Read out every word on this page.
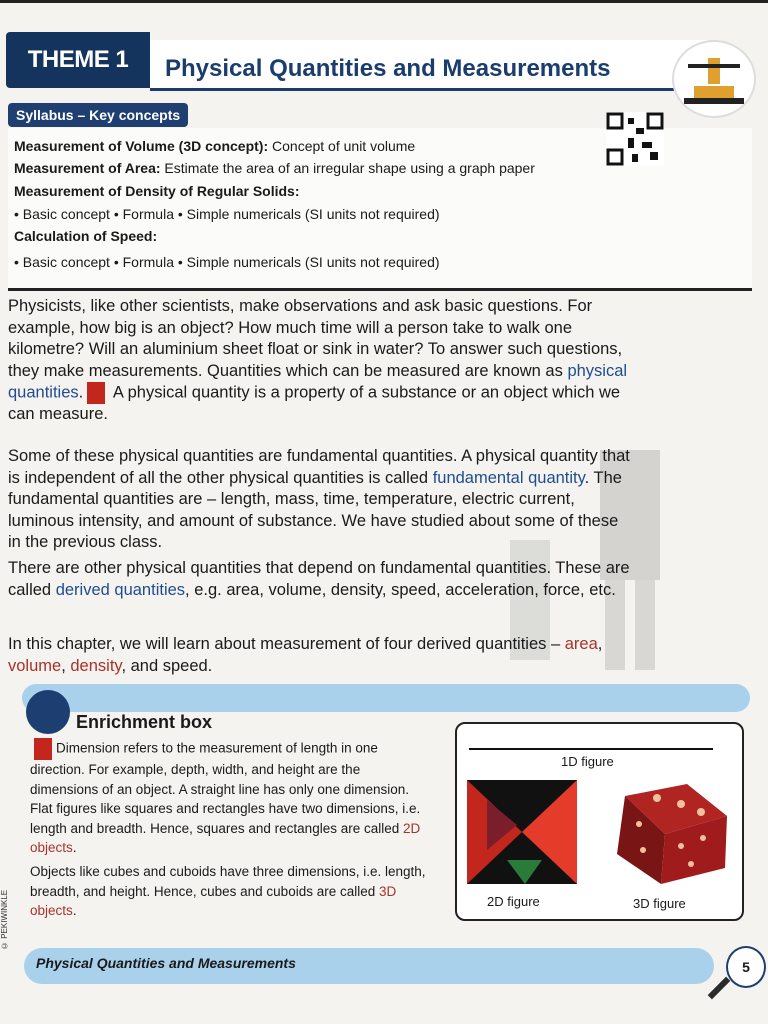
THEME 1	Physical Quantities and Measurements
Syllabus – Key concepts
Measurement of Volume (3D concept): Concept of unit volume
Measurement of Area: Estimate the area of an irregular shape using a graph paper
Measurement of Density of Regular Solids:
• Basic concept • Formula • Simple numericals (SI units not required)
Calculation of Speed:
• Basic concept • Formula • Simple numericals (SI units not required)
Physicists, like other scientists, make observations and ask basic questions. For example, how big is an object? How much time will a person take to walk one kilometre? Will an aluminium sheet float or sink in water? To answer such questions, they make measurements. Quantities which can be measured are known as physical quantities. A physical quantity is a property of a substance or an object which we can measure.
Some of these physical quantities are fundamental quantities. A physical quantity that is independent of all the other physical quantities is called fundamental quantity. The fundamental quantities are – length, mass, time, temperature, electric current, luminous intensity, and amount of substance. We have studied about some of these in the previous class.
There are other physical quantities that depend on fundamental quantities. These are called derived quantities, e.g. area, volume, density, speed, acceleration, force, etc.
In this chapter, we will learn about measurement of four derived quantities – area, volume, density, and speed.
Enrichment box
Dimension refers to the measurement of length in one direction. For example, depth, width, and height are the dimensions of an object. A straight line has only one dimension. Flat figures like squares and rectangles have two dimensions, i.e. length and breadth. Hence, squares and rectangles are called 2D objects.
Objects like cubes and cuboids have three dimensions, i.e. length, breadth, and height. Hence, cubes and cuboids are called 3D objects.
1D figure
2D figure	3D figure
© PEKIWINKLE
Physical Quantities and Measurements	5
